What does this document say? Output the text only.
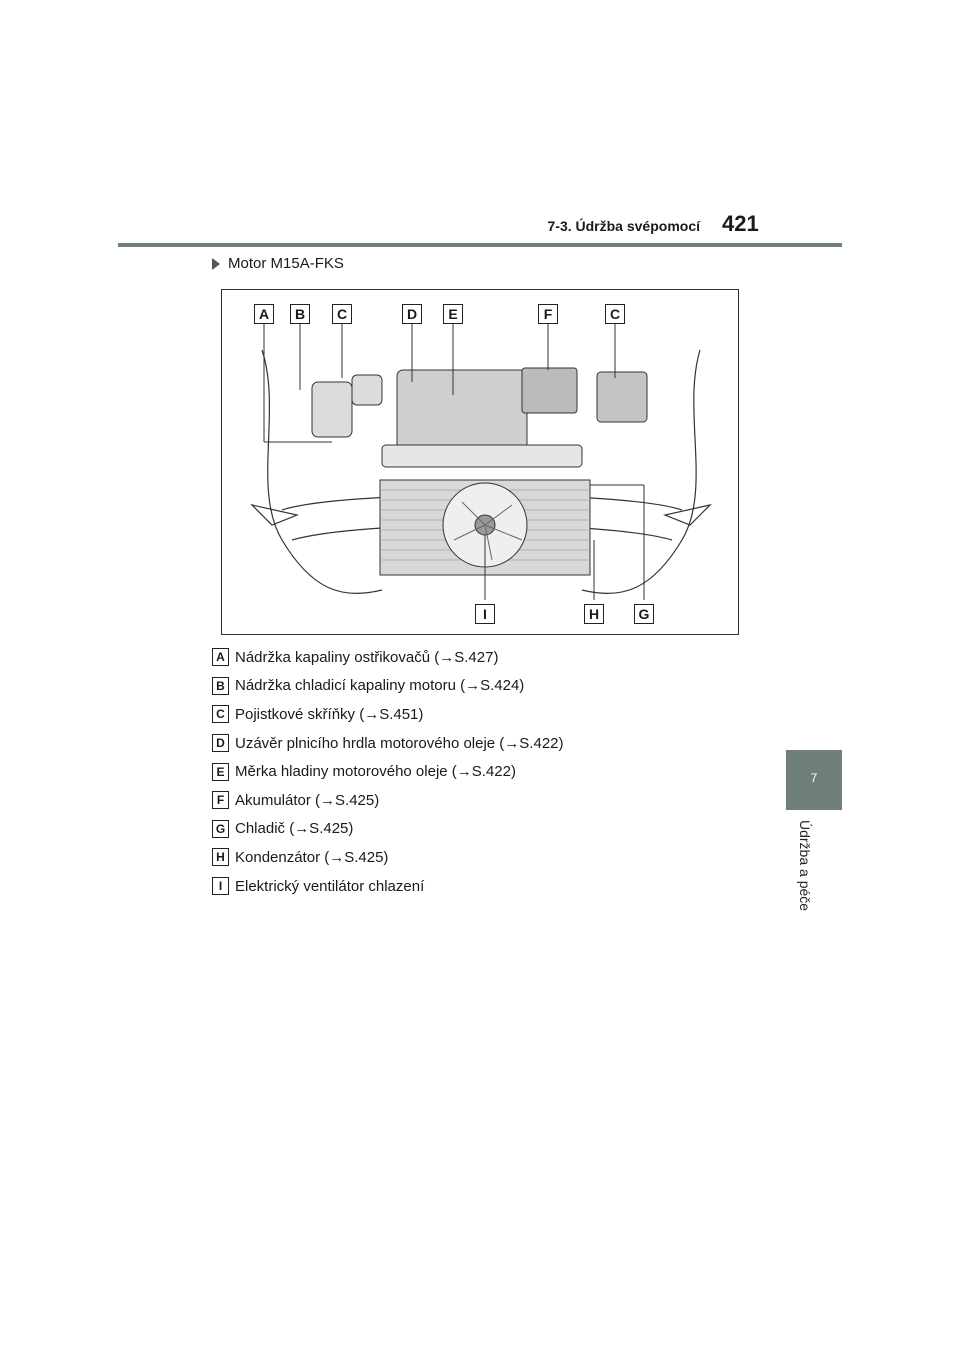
7-3. Údržba svépomocí 421
7
Údržba a péče
Motor M15A-FKS
A	B	C	D	E	F	C
I	H	G
A Nádržka kapaliny ostřikovačů (→S.427)
B Nádržka chladicí kapaliny motoru (→S.424)
C Pojistkové skříňky (→S.451)
D Uzávěr plnicího hrdla motorového oleje (→S.422)
E Měrka hladiny motorového oleje (→S.422)
F Akumulátor (→S.425)
G Chladič (→S.425)
H Kondenzátor (→S.425)
I Elektrický ventilátor chlazení
